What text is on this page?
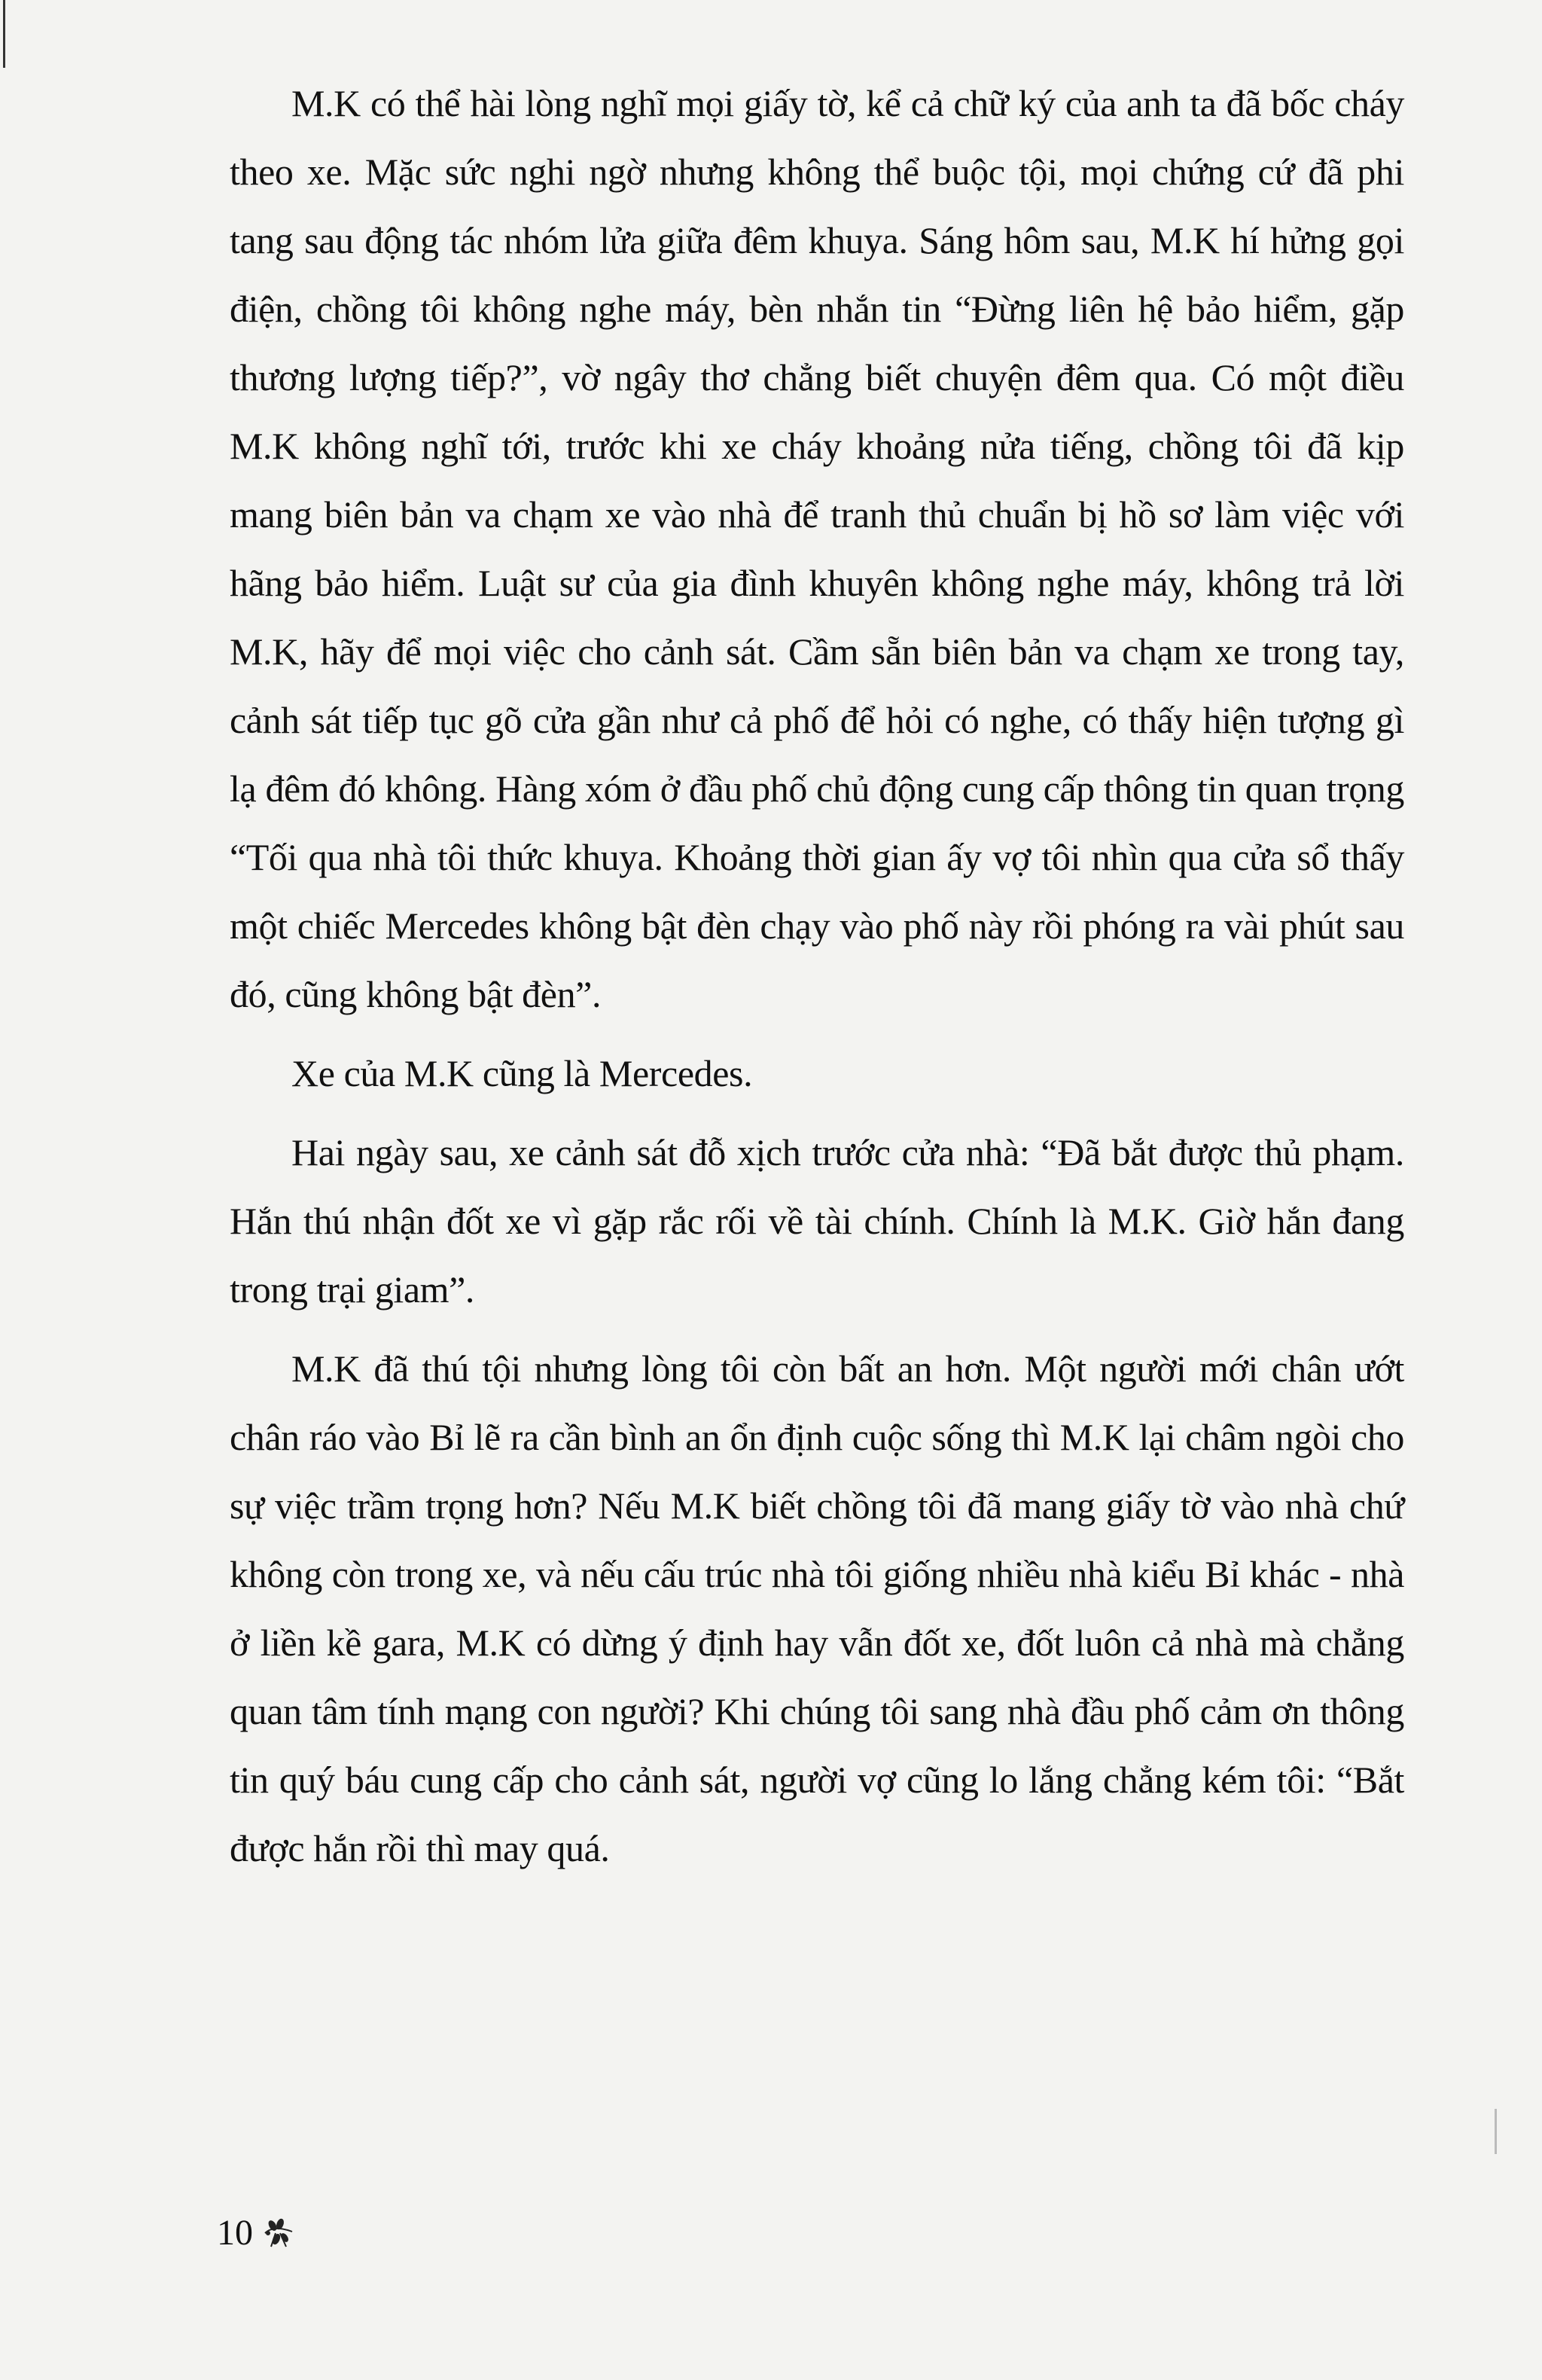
M.K có thể hài lòng nghĩ mọi giấy tờ, kể cả chữ ký của anh ta đã bốc cháy theo xe. Mặc sức nghi ngờ nhưng không thể buộc tội, mọi chứng cứ đã phi tang sau động tác nhóm lửa giữa đêm khuya. Sáng hôm sau, M.K hí hửng gọi điện, chồng tôi không nghe máy, bèn nhắn tin “Đừng liên hệ bảo hiểm, gặp thương lượng tiếp?”, vờ ngây thơ chẳng biết chuyện đêm qua. Có một điều M.K không nghĩ tới, trước khi xe cháy khoảng nửa tiếng, chồng tôi đã kịp mang biên bản va chạm xe vào nhà để tranh thủ chuẩn bị hồ sơ làm việc với hãng bảo hiểm. Luật sư của gia đình khuyên không nghe máy, không trả lời M.K, hãy để mọi việc cho cảnh sát. Cầm sẵn biên bản va chạm xe trong tay, cảnh sát tiếp tục gõ cửa gần như cả phố để hỏi có nghe, có thấy hiện tượng gì lạ đêm đó không. Hàng xóm ở đầu phố chủ động cung cấp thông tin quan trọng “Tối qua nhà tôi thức khuya. Khoảng thời gian ấy vợ tôi nhìn qua cửa sổ thấy một chiếc Mercedes không bật đèn chạy vào phố này rồi phóng ra vài phút sau đó, cũng không bật đèn”.

Xe của M.K cũng là Mercedes.

Hai ngày sau, xe cảnh sát đỗ xịch trước cửa nhà: “Đã bắt được thủ phạm. Hắn thú nhận đốt xe vì gặp rắc rối về tài chính. Chính là M.K. Giờ hắn đang trong trại giam”.

M.K đã thú tội nhưng lòng tôi còn bất an hơn. Một người mới chân ướt chân ráo vào Bỉ lẽ ra cần bình an ổn định cuộc sống thì M.K lại châm ngòi cho sự việc trầm trọng hơn? Nếu M.K biết chồng tôi đã mang giấy tờ vào nhà chứ không còn trong xe, và nếu cấu trúc nhà tôi giống nhiều nhà kiểu Bỉ khác - nhà ở liền kề gara, M.K có dừng ý định hay vẫn đốt xe, đốt luôn cả nhà mà chẳng quan tâm tính mạng con người? Khi chúng tôi sang nhà đầu phố cảm ơn thông tin quý báu cung cấp cho cảnh sát, người vợ cũng lo lắng chẳng kém tôi: “Bắt được hắn rồi thì may quá.

10
